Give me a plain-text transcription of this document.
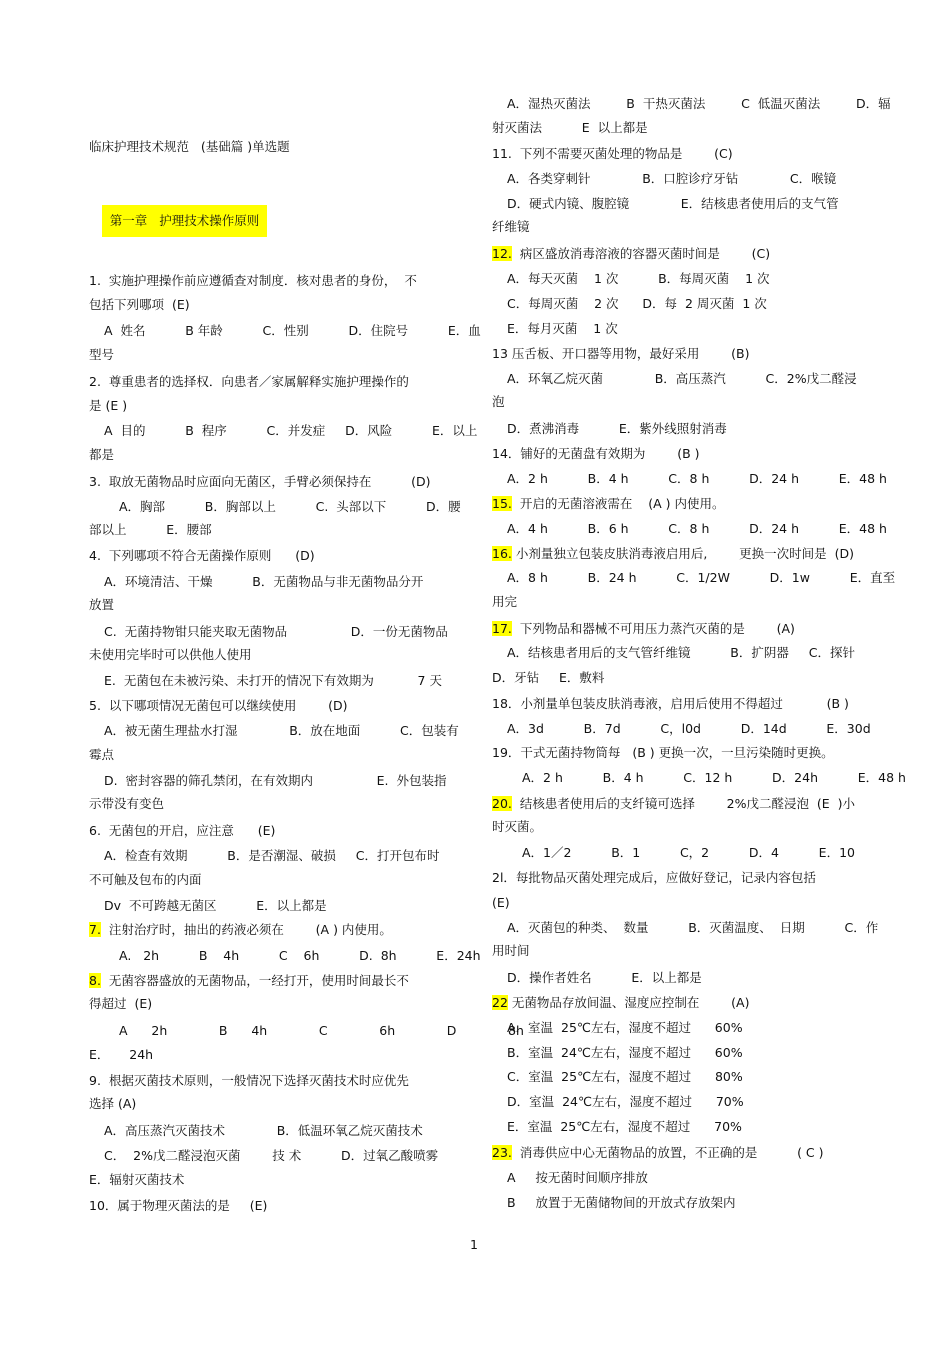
临床护理技术规范   (基础篇 )单选题
1.  实施护理操作前应遵循查对制度．核对患者的身份，  不
包括下列哪项  (E)
A  姓名          B 年龄          C．性别          D．住院号          E．血
型号
2.  尊重患者的选择权．向患者／家属解释实施护理操作的
是 (E )
A  目的          B  程序          C．并发症     D．风险          E．以上
都是
3.  取放无菌物品时应面向无菌区，手臂必须保持在          (D)
A．胸部          B．胸部以上          C.  头部以下          D．腰
部以上          E．腰部
4.  下列哪项不符合无菌操作原则      (D)
A．环境清洁、干燥          B．无菌物品与非无菌物品分开
放置
C.  无菌持物钳只能夹取无菌物品                D．一份无菌物品
未使用完毕时可以供他人使用
E.  无菌包在未被污染、未打开的情况下有效期为           7 天
5.  以下哪项情况无菌包可以继续使用        (D)
A．被无菌生理盐水打湿             B．放在地面          C．包装有
霉点
D.  密封容器的筛孔禁闭，在有效期内                E.  外包装指
示带没有变色
6.  无菌包的开启，应注意      (E)
A．检查有效期          B．是否潮湿、破损     C．打开包布时
不可触及包布的内面
Dv  不可跨越无菌区          E．以上都是
7.  注射治疗时，抽出的药液必须在        (A ) 内使用。
A.   2h          B    4h          C    6h          D.  8h          E．24h
8.  无菌容器盛放的无菌物品，一经打开，使用时间最长不
得超过  (E)
A      2h             B      4h             C             6h             D             8h
E．     24h
9.  根据灭菌技术原则，一般情况下选择灭菌技术时应优先
选择 (A)
A．高压蒸汽灭菌技术             B．低温环氧乙烷灭菌技术
C．  2%戊二醛浸泡灭菌        技 术          D．过氧乙酸喷雾
E．辐射灭菌技术
10．属于物理灭菌法的是     (E)
第一章   护理技术操作原则
A．湿热灭菌法         B  干热灭菌法         C  低温灭菌法         D．辐
射灭菌法          E  以上都是
11.  下列不需要灭菌处理的物品是        (C)
A．各类穿刺针             B．口腔诊疗牙钻             C．喉镜
D．硬式内镜、腹腔镜             E．结核患者使用后的支气管
纤维镜
12.  病区盛放消毒溶液的容器灭菌时间是        (C)
A．每天灭菌    1 次          B．每周灭菌    1 次
C．每周灭菌    2 次      D．每  2 周灭菌  1 次
E．每月灭菌    1 次
13 压舌板、开口器等用物，最好采用        (B)
A．环氧乙烷灭菌             B．高压蒸汽          C．2%戊二醛浸
泡
D．煮沸消毒          E．紫外线照射消毒
14．铺好的无菌盘有效期为        (B )
A．2 h          B．4 h          C．8 h          D．24 h          E．48 h
15.  开启的无菌溶液需在    (A ) 内使用。
A．4 h          B．6 h          C．8 h          D．24 h          E．48 h
16. 小剂量独立包装皮肤消毒液启用后,        更换一次时间是  (D)
A．8 h          B．24 h          C．1/2W          D．1w          E．直至
用完
17.  下列物品和器械不可用压力蒸汽灭菌的是        (A)
A．结核患者用后的支气管纤维镜          B．扩阴器     C．探针
D．牙钻     E．敷料
18．小剂量单包装皮肤消毒液，启用后使用不得超过           (B )
A．3d          B．7d          C，l0d          D．14d          E．30d
19．干式无菌持物筒每   (B ) 更换一次，一旦污染随时更换。
A．2 h          B．4 h          C．12 h          D．24h          E．48 h
20.  结核患者使用后的支纤镜可选择        2%戊二醛浸泡  (E  )小
时灭菌。
A．1／2          B．1          C，2          D．4          E．10
2l．每批物品灭菌处理完成后，应做好登记，记录内容包括
(E)
A．灭菌包的种类、  数量          B．灭菌温度、  日期          C．作
用时间
D．操作者姓名          E．以上都是
22 无菌物品存放间温、湿度应控制在        (A)
A．室温  25℃左右，湿度不超过      60%
B．室温  24℃左右，湿度不超过      60%
C．室温  25℃左右，湿度不超过      80%
D．室温  24℃左右，湿度不超过      70%
E．室温  25℃左右，湿度不超过      70%
23.  消毒供应中心无菌物品的放置，不正确的是          ( C )
A     按无菌时间顺序排放
B     放置于无菌储物间的开放式存放架内
1
